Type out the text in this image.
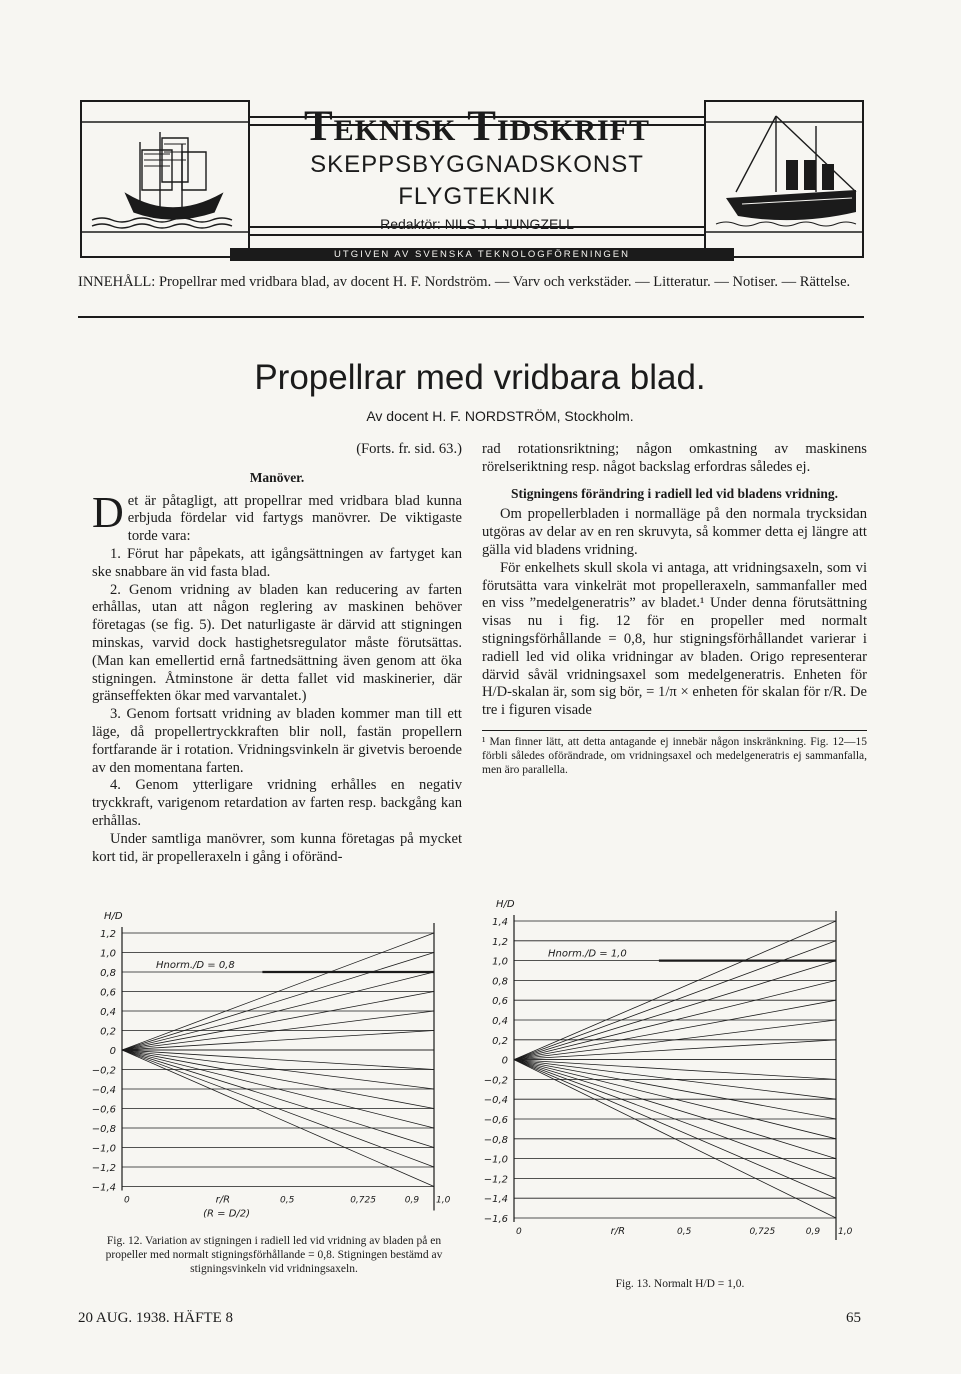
Teknisk Tidskrift
SKEPPSBYGGNADSKONST
FLYGTEKNIK
Redaktör: NILS J. LJUNGZELL
UTGIVEN AV SVENSKA TEKNOLOGFÖRENINGEN
INNEHÅLL: Propellrar med vridbara blad, av docent H. F. Nordström. — Varv och verkstäder. — Litteratur. — Notiser. — Rättelse.
Propellrar med vridbara blad.
Av docent H. F. NORDSTRÖM, Stockholm.
(Forts. fr. sid. 63.)
Manöver.

Det är påtagligt, att propellrar med vridbara blad kunna erbjuda fördelar vid fartygs manövrer. De viktigaste torde vara:

1. Förut har påpekats, att igångsättningen av fartyget kan ske snabbare än vid fasta blad.

2. Genom vridning av bladen kan reducering av farten erhållas, utan att någon reglering av maskinen behöver företagas (se fig. 5). Det naturligaste är därvid att stigningen minskas, varvid dock hastighetsregulator måste förutsättas. (Man kan emellertid ernå fartnedsättning även genom att öka stigningen. Åtminstone är detta fallet vid maskinerier, där gränseffekten ökar med varvantalet.)

3. Genom fortsatt vridning av bladen kommer man till ett läge, då propellertryckkraften blir noll, fastän propellern fortfarande är i rotation. Vridningsvinkeln är givetvis beroende av den momentana farten.

4. Genom ytterligare vridning erhålles en negativ tryckkraft, varigenom retardation av farten resp. backgång kan erhållas.

Under samtliga manövrer, som kunna företagas på mycket kort tid, är propelleraxeln i gång i oföränd-

rad rotationsriktning; någon omkastning av maskinens rörelseriktning resp. något backslag erfordras således ej.

Stigningens förändring i radiell led vid bladens vridning.

Om propellerbladen i normalläge på den normala trycksidan utgöras av delar av en ren skruvyta, så kommer detta ej längre att gälla vid bladens vridning.

För enkelhets skull skola vi antaga, att vridningsaxeln, som vi förutsätta vara vinkelrät mot propelleraxeln, sammanfaller med en viss ”medelgeneratris” av bladet.¹ Under denna förutsättning visas nu i fig. 12 för en propeller med normalt stigningsförhållande = 0,8, hur stigningsförhållandet varierar i radiell led vid olika vridningar av bladen. Origo representerar därvid såväl vridningsaxel som medelgeneratris. Enheten för H/D-skalan är, som sig bör, = 1/π × enheten för skalan för r/R. De tre i figuren visade

¹ Man finner lätt, att detta antagande ej innebär någon inskränkning. Fig. 12—15 förbli således oförändrade, om vridningsaxel och medelgeneratris ej sammanfalla, men äro parallella.
1,2
1,0
0,8
0,6
0,4
0,2
0
−0,2
−0,4
−0,6
−0,8
−1,0
−1,2
−1,4
H/D
Hnorm./D = 0,8
0	0,5	0,725	0,9 1,0
r/R
(R = D/2)
Fig. 12. Variation av stigningen i radiell led vid vridning av bladen på en propeller med normalt stigningsförhållande = 0,8. Stigningen bestämd av stigningsvinkeln vid vridningsaxeln.
1,4
1,2
1,0
0,8
0,6
0,4
0,2
0
−0,2
−0,4
−0,6
−0,8
−1,0
−1,2
−1,4
−1,6
H/D
Hnorm./D = 1,0
0	0,5	0,725	0,9 1,0
r/R
Fig. 13. Normalt H/D = 1,0.
20 AUG. 1938. HÄFTE 8	65
